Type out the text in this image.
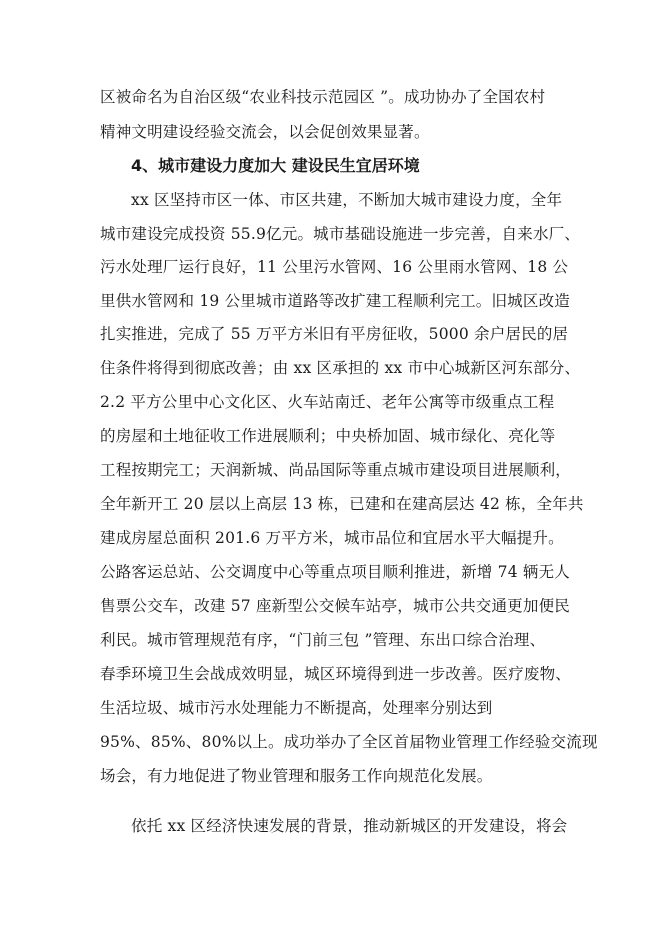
区被命名为自治区级“农业科技示范园区 ”。成功协办了全国农村
精神文明建设经验交流会，以会促创效果显著。
4、城市建设力度加大 建设民生宜居环境
xx 区坚持市区一体、市区共建，不断加大城市建设力度，全年
城市建设完成投资 55.9亿元。城市基础设施进一步完善，自来水厂、
污水处理厂运行良好，11 公里污水管网、16 公里雨水管网、18 公
里供水管网和 19 公里城市道路等改扩建工程顺利完工。旧城区改造
扎实推进，完成了 55 万平方米旧有平房征收，5000 余户居民的居
住条件将得到彻底改善；由 xx 区承担的 xx 市中心城新区河东部分、
2.2 平方公里中心文化区、火车站南迁、老年公寓等市级重点工程
的房屋和土地征收工作进展顺利；中央桥加固、城市绿化、亮化等
工程按期完工；天润新城、尚品国际等重点城市建设项目进展顺利，
全年新开工 20 层以上高层 13 栋，已建和在建高层达 42 栋，全年共
建成房屋总面积 201.6 万平方米，城市品位和宜居水平大幅提升。
公路客运总站、公交调度中心等重点项目顺利推进，新增 74 辆无人
售票公交车，改建 57 座新型公交候车站亭，城市公共交通更加便民
利民。城市管理规范有序，“门前三包 ”管理、东出口综合治理、
春季环境卫生会战成效明显，城区环境得到进一步改善。医疗废物、
生活垃圾、城市污水处理能力不断提高，处理率分别达到
95%、85%、80%以上。成功举办了全区首届物业管理工作经验交流现
场会，有力地促进了物业管理和服务工作向规范化发展。
依托 xx 区经济快速发展的背景，推动新城区的开发建设，将会
